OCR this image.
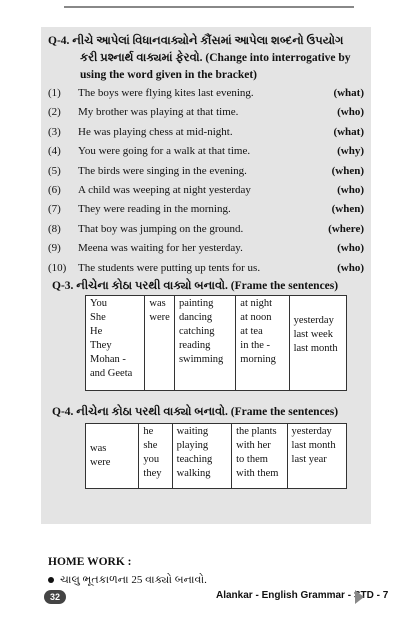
Q-4. નીચે આપેલાં વિધાનવાક્યોને કૌંસમાં આપેલા શબ્દનો ઉપયોગ
કરી પ્રશ્નાર્થ વાક્યમાં ફેરવો. (Change into interrogative by
using the word given in the bracket)
(1) The boys were flying kites last evening.	(what)
(2) My brother was playing at that time.	(who)
(3) He was playing chess at mid-night.	(what)
(4) You were going for a walk at that time.	(why)
(5) The birds were singing in the evening.	(when)
(6) A child was weeping at night yesterday	(who)
(7) They were reading in the morning.	(when)
(8) That boy was jumping on the ground.	(where)
(9) Meena was waiting for her yesterday.	(who)
(10) The students were putting up tents for us.	(who)
Q-3. નીચેના કોઠા પરથી વાક્યો બનાવો. (Frame the sentences)
You
She
He
They
Mohan -
and Geeta

was
were

painting
dancing
catching
reading
swimming

at night
at noon
at tea
in the -
morning

yesterday
last week
last month
Q-4. નીચેના કોઠા પરથી વાક્યો બનાવો. (Frame the sentences)
was
were

he
she
you
they

waiting
playing
teaching
walking

the plants
with her
to them
with them

yesterday
last month
last year
HOME WORK :
ચાલુ ભૂતકાળના 25 વાક્યો બનાવો.
32	Alankar - English Grammar - STD - 7
